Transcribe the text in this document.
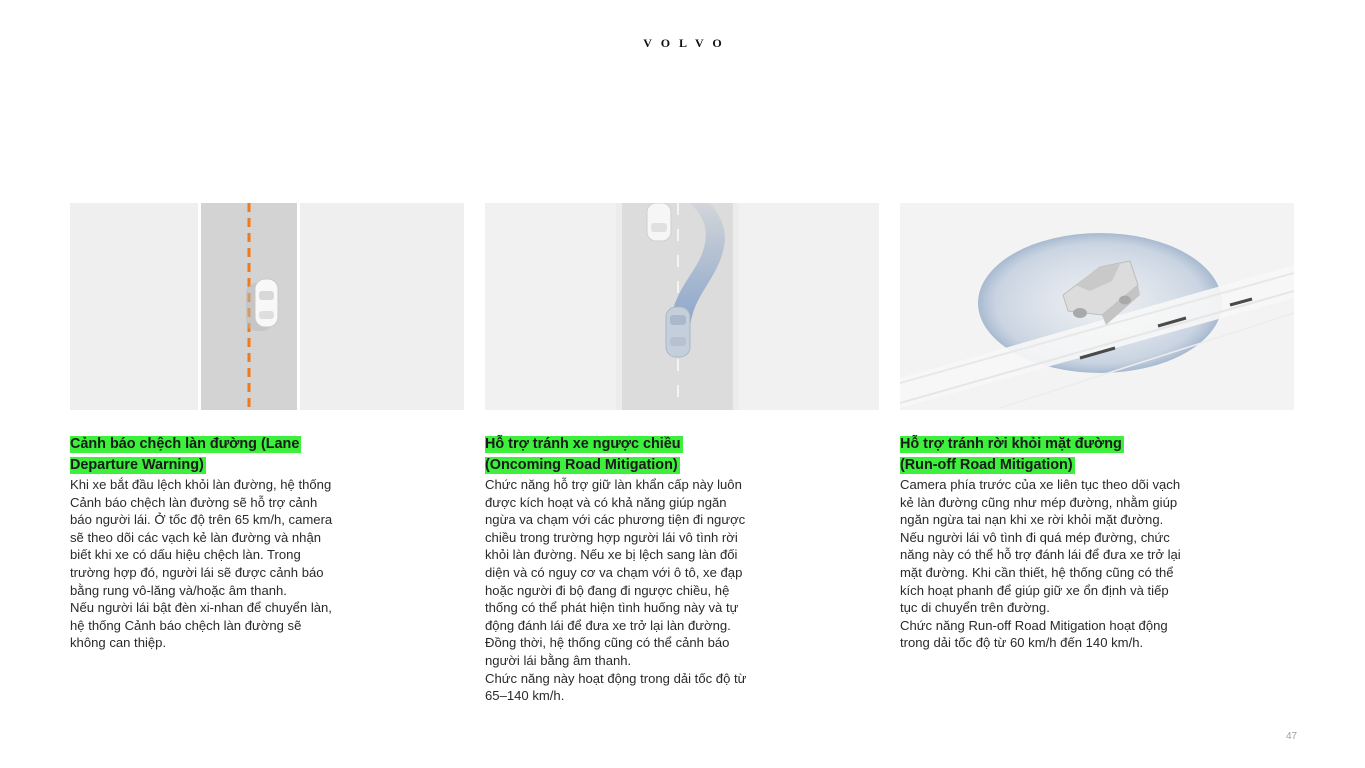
VOLVO
Cảnh báo chệch làn đường (Lane
Departure Warning)
Khi xe bắt đầu lệch khỏi làn đường, hệ thống
Cảnh báo chệch làn đường sẽ hỗ trợ cảnh
báo người lái. Ở tốc độ trên 65 km/h, camera
sẽ theo dõi các vạch kẻ làn đường và nhận
biết khi xe có dấu hiệu chệch làn. Trong
trường hợp đó, người lái sẽ được cảnh báo
bằng rung vô-lăng và/hoặc âm thanh.
Nếu người lái bật đèn xi-nhan để chuyển làn,
hệ thống Cảnh báo chệch làn đường sẽ
không can thiệp.
Hỗ trợ tránh xe ngược chiều
(Oncoming Road Mitigation)
Chức năng hỗ trợ giữ làn khẩn cấp này luôn
được kích hoạt và có khả năng giúp ngăn
ngừa va chạm với các phương tiện đi ngược
chiều trong trường hợp người lái vô tình rời
khỏi làn đường. Nếu xe bị lệch sang làn đối
diện và có nguy cơ va chạm với ô tô, xe đạp
hoặc người đi bộ đang đi ngược chiều, hệ
thống có thể phát hiện tình huống này và tự
động đánh lái để đưa xe trở lại làn đường.
Đồng thời, hệ thống cũng có thể cảnh báo
người lái bằng âm thanh.
Chức năng này hoạt động trong dải tốc độ từ
65–140 km/h.
Hỗ trợ tránh rời khỏi mặt đường
(Run-off Road Mitigation)
Camera phía trước của xe liên tục theo dõi vạch
kẻ làn đường cũng như mép đường, nhằm giúp
ngăn ngừa tai nạn khi xe rời khỏi mặt đường.
Nếu người lái vô tình đi quá mép đường, chức
năng này có thể hỗ trợ đánh lái để đưa xe trở lại
mặt đường. Khi cần thiết, hệ thống cũng có thể
kích hoạt phanh để giúp giữ xe ổn định và tiếp
tục di chuyển trên đường.
Chức năng Run-off Road Mitigation hoạt động
trong dải tốc độ từ 60 km/h đến 140 km/h.
47
